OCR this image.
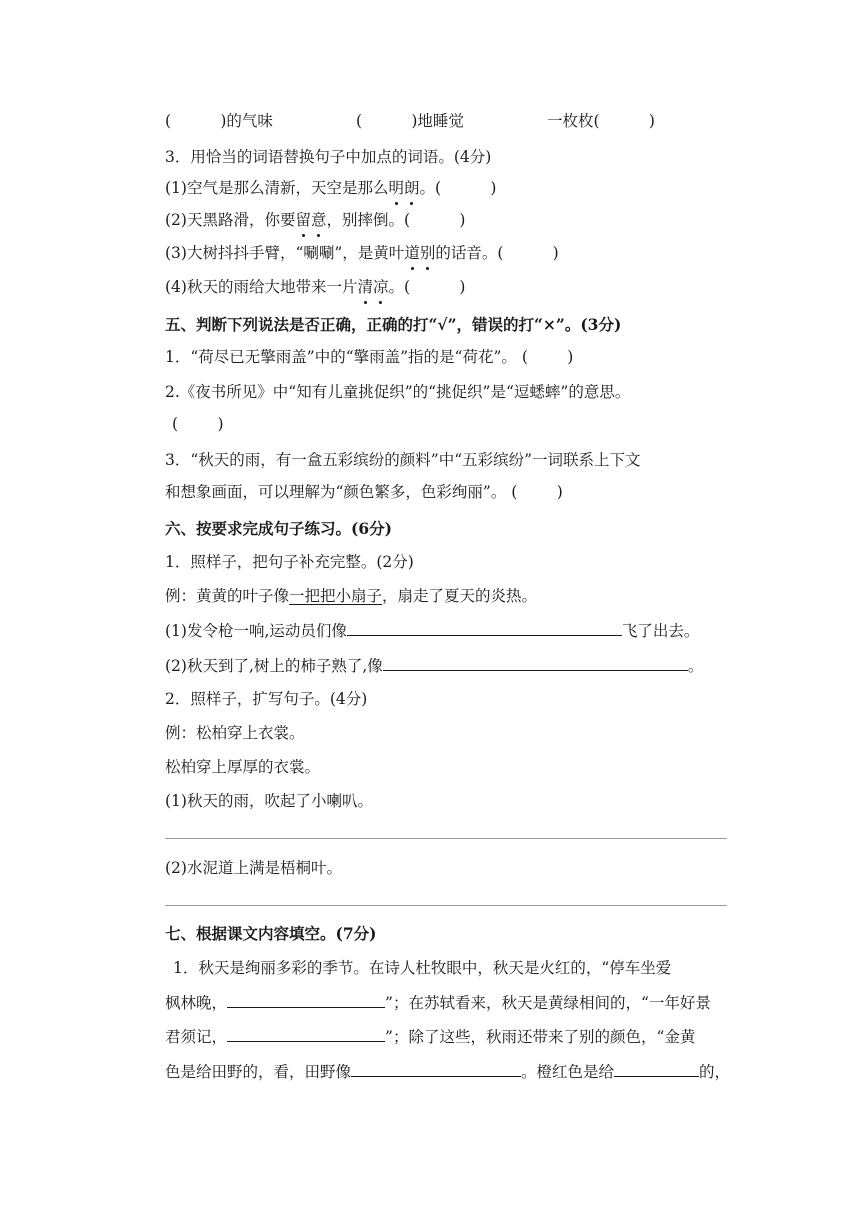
(          )的气味	(          )地睡觉	一枚枚(          )
3．用恰当的词语替换句子中加点的词语。(4分)
(1)空气是那么清新，天空是那么明朗。(          )
(2)天黑路滑，你要留意，别摔倒。(          )
(3)大树抖抖手臂，“唰唰”，是黄叶道别的话音。(          )
(4)秋天的雨给大地带来一片清凉。(          )
五、判断下列说法是否正确，正确的打“√”，错误的打“×”。(3分)
1．“荷尽已无擎雨盖”中的“擎雨盖”指的是“荷花”。 (        )
2.《夜书所见》中“知有儿童挑促织”的“挑促织”是“逗蟋蟀”的意思。
(        )
3．“秋天的雨，有一盒五彩缤纷的颜料”中“五彩缤纷”一词联系上下文
和想象画面，可以理解为“颜色繁多，色彩绚丽”。 (        )
六、按要求完成句子练习。(6分)
1．照样子，把句子补充完整。(2分)
例：黄黄的叶子像一把把小扇子，扇走了夏天的炎热。
(1)发令枪一响,运动员们像	飞了出去。
(2)秋天到了,树上的柿子熟了,像	。
2．照样子，扩写句子。(4分)
例：松柏穿上衣裳。
松柏穿上厚厚的衣裳。
(1)秋天的雨，吹起了小喇叭。
(2)水泥道上满是梧桐叶。
七、根据课文内容填空。(7分)
1．秋天是绚丽多彩的季节。在诗人杜牧眼中，秋天是火红的，“停车坐爱
枫林晚，	”；在苏轼看来，秋天是黄绿相间的，“一年好景
君须记，	”；除了这些，秋雨还带来了别的颜色，“金黄
色是给田野的，看，田野像	。橙红色是给	的，
